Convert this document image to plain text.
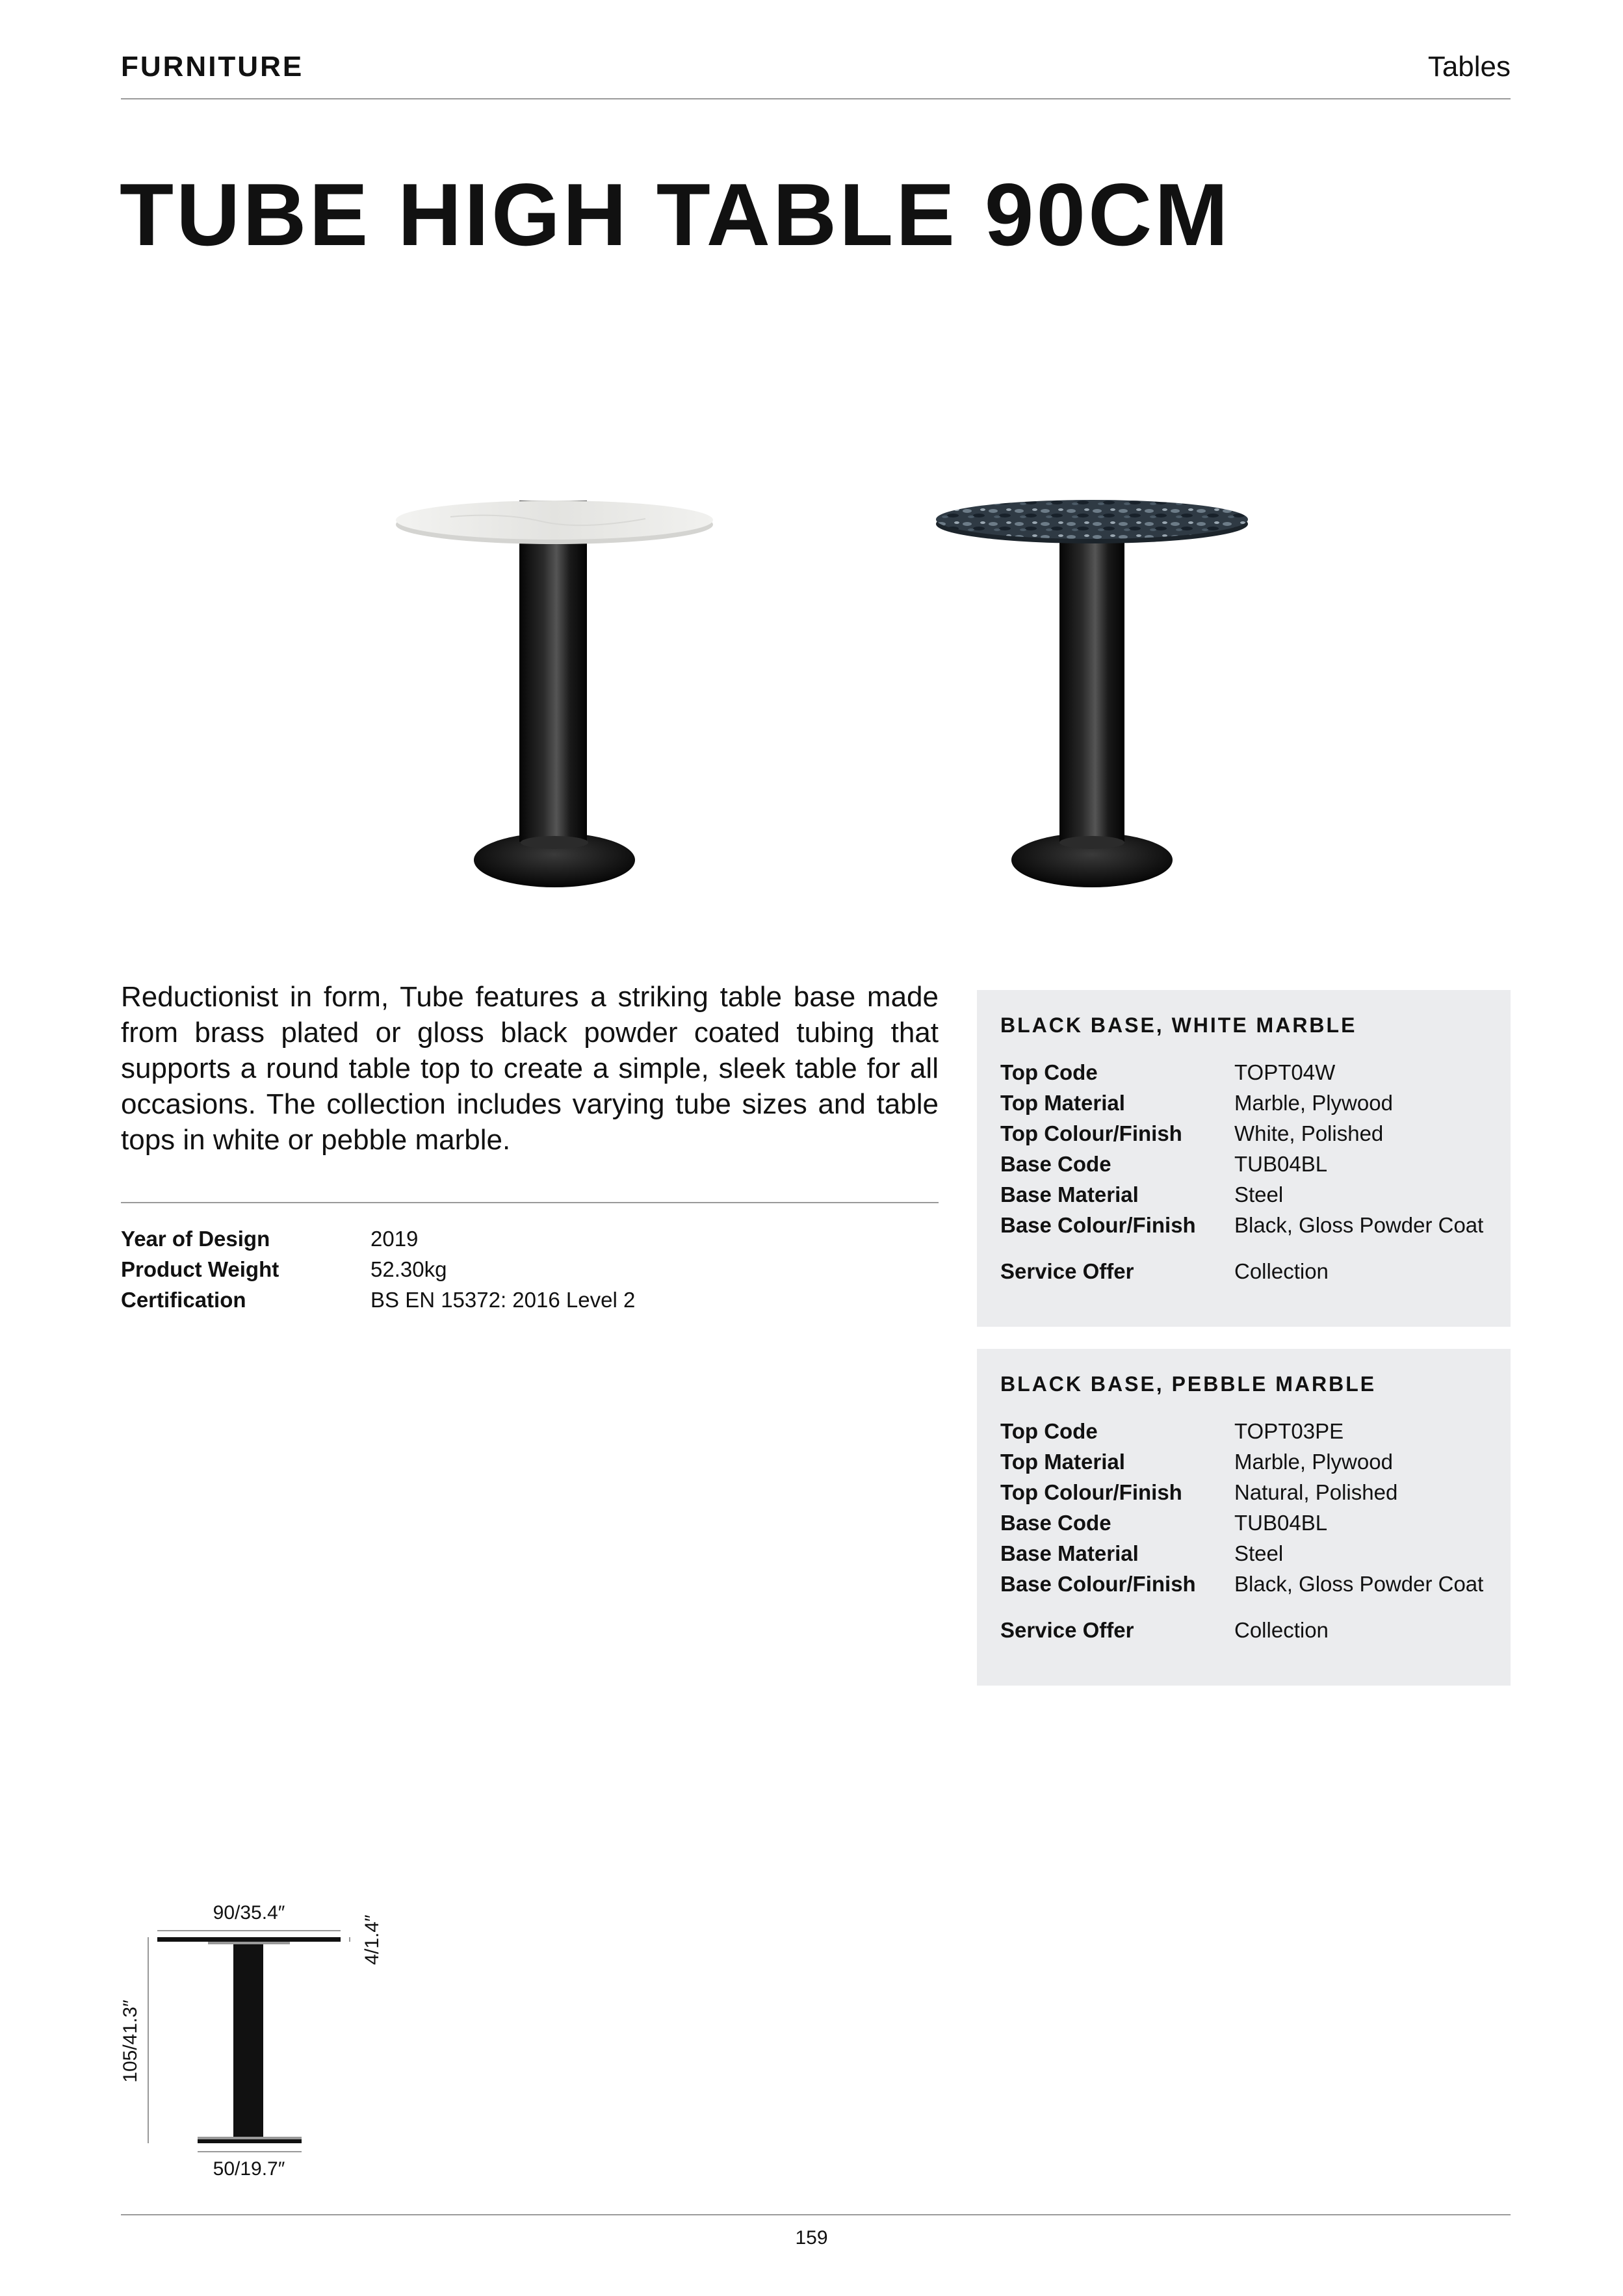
FURNITURE	Tables
TUBE HIGH TABLE 90CM

Reductionist in form, Tube features a striking table base made from brass plated or gloss black powder coated tubing that supports a round table top to create a simple, sleek table for all occasions. The collection includes varying tube sizes and table tops in white or pebble marble.

Year of Design	2019
Product Weight	52.30kg
Certification	BS EN 15372: 2016 Level 2
BLACK BASE, WHITE MARBLE
Top Code	TOPT04W
Top Material	Marble, Plywood
Top Colour/Finish	White, Polished
Base Code	TUB04BL
Base Material	Steel
Base Colour/Finish	Black, Gloss Powder Coat
Service Offer	Collection
BLACK BASE, PEBBLE MARBLE
Top Code	TOPT03PE
Top Material	Marble, Plywood
Top Colour/Finish	Natural, Polished
Base Code	TUB04BL
Base Material	Steel
Base Colour/Finish	Black, Gloss Powder Coat
Service Offer	Collection
90/35.4″
4/1.4″
105/41.3″
50/19.7″
159
